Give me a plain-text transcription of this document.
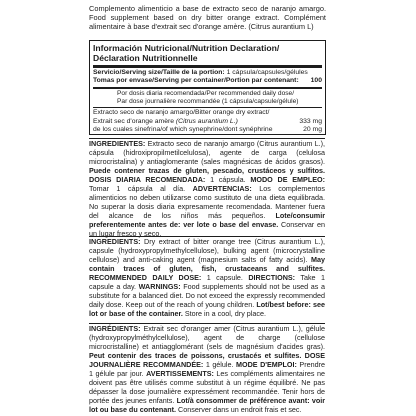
Complemento alimenticio a base de extracto seco de naranjo amargo. Food supplement based on dry bitter orange extract. Complément alimentaire à base d'extrait sec d'orange amère. (Citrus aurantium L)
Información Nutricional/Nutrition Declaration/
Déclaration Nutritionnelle
Servicio/Serving size/Taille de la portion: 1 cápsula/capsules/gélules
Tomas por envase/Serving per container/Portion par contenant: 100
Por dosis diaria recomendada/Per recommended daily dose/
Par dose journalière recommandée (1 cápsula/capsule/gélule)
Extracto seco de naranjo amargo/Bitter orange dry extract/
Extrait sec d'orange amère (Citrus aurantium L.)	333 mg
de los cuales sinefrina/of which synephrine/dont synéphrine	20 mg
INGREDIENTES: Extracto seco de naranjo amargo (Citrus aurantium L.), cápsula (hidroxipropilmetilcelulosa), agente de carga (celulosa microcristalina) y antiaglomerante (sales magnésicas de ácidos grasos). Puede contener trazas de gluten, pescado, crustáceos y sulfitos. DOSIS DIARIA RECOMENDADA: 1 cápsula. MODO DE EMPLEO: Tomar 1 cápsula al día. ADVERTENCIAS: Los complementos alimenticios no deben utilizarse como sustituto de una dieta equilibrada. No superar la dosis diaria expresamente recomendada. Mantener fuera del alcance de los niños más pequeños. Lote/consumir preferentemente antes de: ver lote o base del envase. Conservar en un lugar fresco y seco.
INGREDIENTS: Dry extract of bitter orange tree (Citrus aurantium L.), capsule (hydroxypropylmethylcellulose), bulking agent (microcrystalline cellulose) and anti-caking agent (magnesium salts of fatty acids). May contain traces of gluten, fish, crustaceans and sulfites. RECOMMENDED DAILY DOSE: 1 capsule. DIRECTIONS: Take 1 capsule a day. WARNINGS: Food supplements should not be used as a substitute for a balanced diet. Do not exceed the expressly recommended daily dose. Keep out of the reach of young children. Lot/best before: see lot or base of the container. Store in a cool, dry place.
INGRÉDIENTS: Extrait sec d'oranger amer (Citrus aurantium L.), gélule (hydroxypropylméthylcellulose), agent de charge (cellulose microcristalline) et antiagglomérant (sels de magnésium d'acides gras). Peut contenir des traces de poissons, crustacés et sulfites. DOSE JOURNALIÈRE RECOMMANDÉE: 1 gélule. MODE D'EMPLOI: Prendre 1 gélule par jour. AVERTISSEMENTS: Les compléments alimentaires ne doivent pas être utilisés comme substitut à un régime équilibré. Ne pas dépasser la dose journalière expressément recommandée. Tenir hors de portée des jeunes enfants. Lot/à consommer de préférence avant: voir lot ou base du contenant. Conserver dans un endroit frais et sec.
